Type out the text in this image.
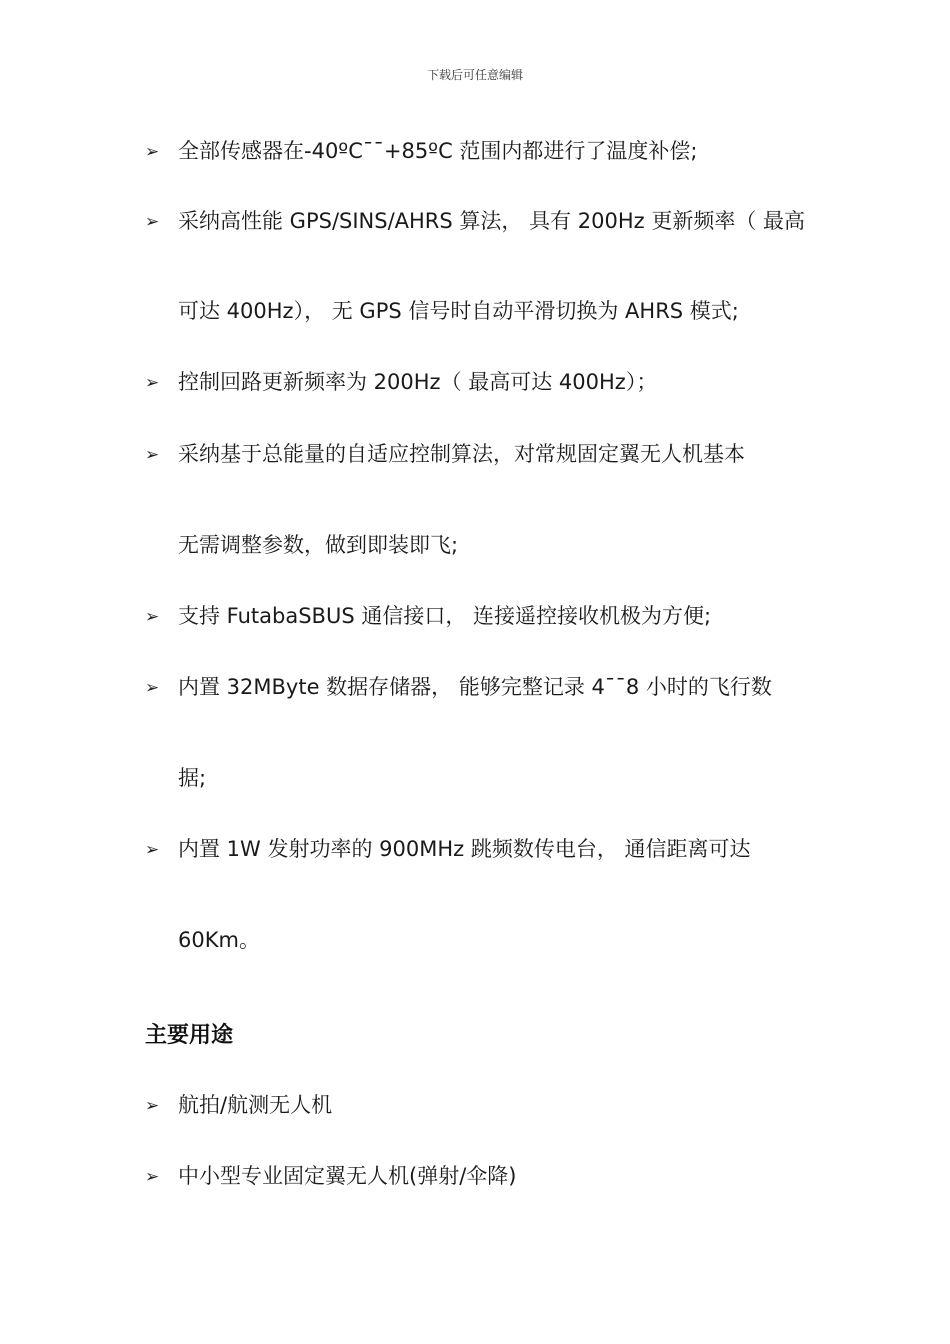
下载后可任意编辑
➢ 全部传感器在-40ºC¯¯+85ºC 范围内都进行了温度补偿;
➢ 采纳高性能 GPS/SINS/AHRS 算法， 具有 200Hz 更新频率（ 最高
可达 400Hz）， 无 GPS 信号时自动平滑切换为 AHRS 模式;
➢ 控制回路更新频率为 200Hz（ 最高可达 400Hz）；
➢ 采纳基于总能量的自适应控制算法，对常规固定翼无人机基本
无需调整参数，做到即装即飞;
➢ 支持 FutabaSBUS 通信接口， 连接遥控接收机极为方便;
➢ 内置 32MByte 数据存储器， 能够完整记录 4¯¯8 小时的飞行数
据;
➢ 内置 1W 发射功率的 900MHz 跳频数传电台， 通信距离可达
60Km。
主要用途
➢ 航拍/航测无人机
➢ 中小型专业固定翼无人机(弹射/伞降)
